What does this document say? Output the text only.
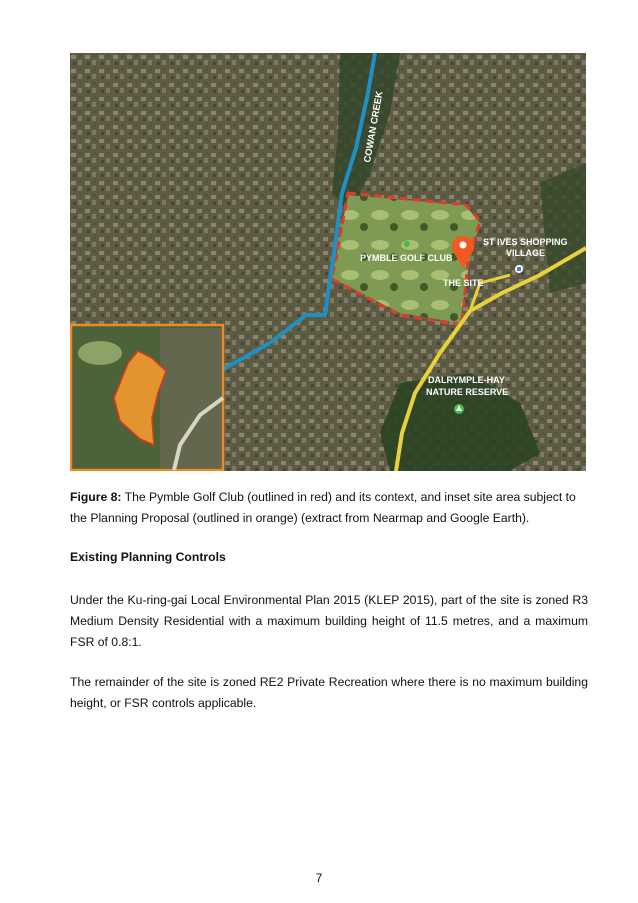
COWAN CREEK
PYMBLE GOLF CLUB
THE SITE
ST IVES SHOPPING
VILLAGE
DALRYMPLE-HAY
NATURE RESERVE
Figure 8: The Pymble Golf Club (outlined in red) and its context, and inset site area subject to the Planning Proposal (outlined in orange) (extract from Nearmap and Google Earth).
Existing Planning Controls
Under the Ku-ring-gai Local Environmental Plan 2015 (KLEP 2015), part of the site is zoned R3 Medium Density Residential with a maximum building height of 11.5 metres, and a maximum FSR of 0.8:1.
The remainder of the site is zoned RE2 Private Recreation where there is no maximum building height, or FSR controls applicable.
7
